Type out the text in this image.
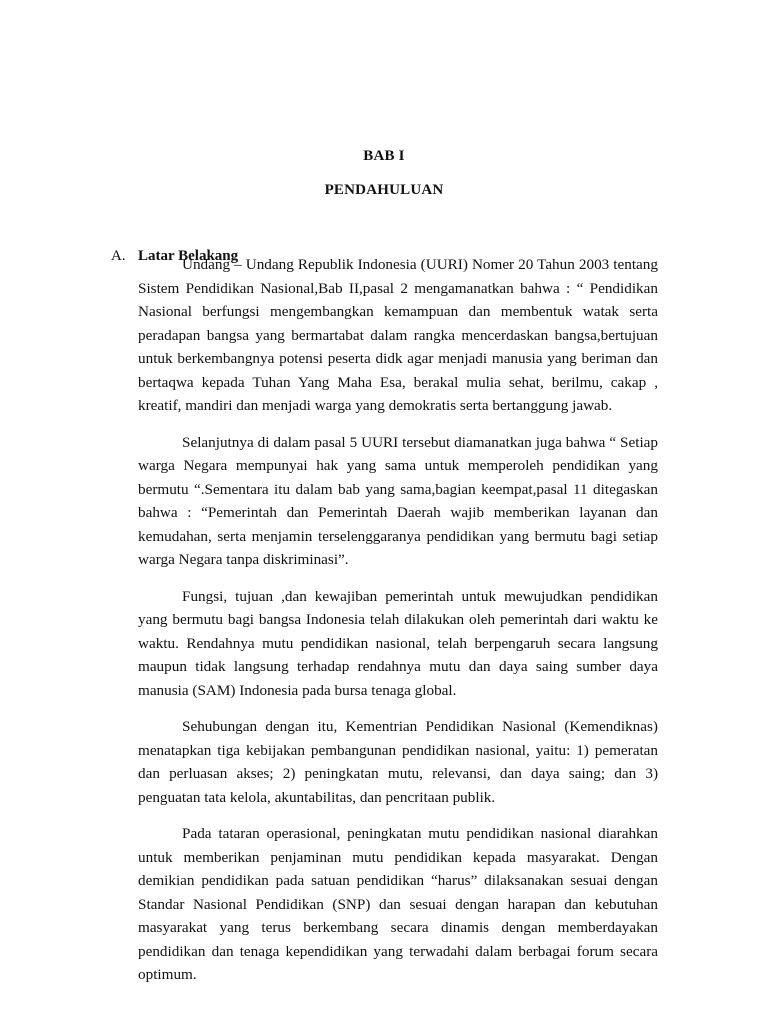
BAB I
PENDAHULUAN
A. Latar Belakang

Undang – Undang Republik Indonesia (UURI) Nomer 20 Tahun 2003 tentang Sistem Pendidikan Nasional,Bab II,pasal 2 mengamanatkan bahwa : “ Pendidikan Nasional berfungsi mengembangkan kemampuan dan membentuk watak serta peradapan bangsa yang bermartabat dalam rangka mencerdaskan bangsa,bertujuan untuk berkembangnya potensi peserta didk agar menjadi manusia yang beriman dan bertaqwa kepada Tuhan Yang Maha Esa, berakal mulia sehat, berilmu, cakap , kreatif, mandiri dan menjadi warga yang demokratis serta bertanggung jawab.

Selanjutnya di dalam pasal 5 UURI tersebut diamanatkan juga bahwa “ Setiap warga Negara mempunyai hak yang sama untuk memperoleh pendidikan yang bermutu “.Sementara itu dalam bab yang sama,bagian keempat,pasal 11 ditegaskan bahwa : “Pemerintah dan Pemerintah Daerah wajib memberikan layanan dan kemudahan, serta menjamin terselenggaranya pendidikan yang bermutu bagi setiap warga Negara tanpa diskriminasi”.

Fungsi, tujuan ,dan kewajiban pemerintah untuk mewujudkan pendidikan yang bermutu bagi bangsa Indonesia telah dilakukan oleh pemerintah dari waktu ke waktu. Rendahnya mutu pendidikan nasional, telah berpengaruh secara langsung maupun tidak langsung terhadap rendahnya mutu dan daya saing sumber daya manusia (SAM) Indonesia pada bursa tenaga global.

Sehubungan dengan itu, Kementrian Pendidikan Nasional (Kemendiknas) menatapkan tiga kebijakan pembangunan pendidikan nasional, yaitu: 1) pemeratan dan perluasan akses; 2) peningkatan mutu, relevansi, dan daya saing; dan 3) penguatan tata kelola, akuntabilitas, dan pencritaan publik.

Pada tataran operasional, peningkatan mutu pendidikan nasional diarahkan untuk memberikan penjaminan mutu pendidikan kepada masyarakat. Dengan demikian pendidikan pada satuan pendidikan “harus” dilaksanakan sesuai dengan Standar Nasional Pendidikan (SNP) dan sesuai dengan harapan dan kebutuhan masyarakat yang terus berkembang secara dinamis dengan memberdayakan pendidikan dan tenaga kependidikan yang terwadahi dalam berbagai forum secara optimum.
